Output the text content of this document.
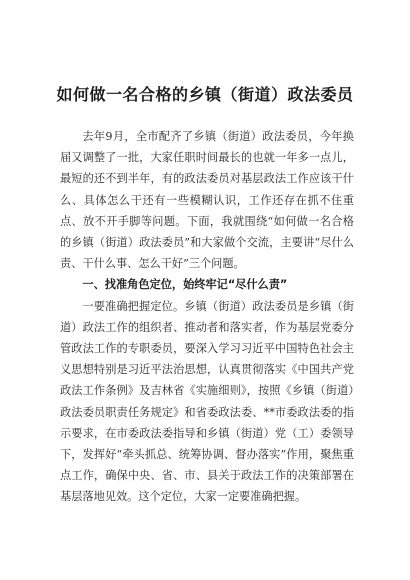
如何做一名合格的乡镇（街道）政法委员

去年9月，全市配齐了乡镇（街道）政法委员，今年换届又调整了一批，大家任职时间最长的也就一年多一点儿，最短的还不到半年，有的政法委员对基层政法工作应该干什么、具体怎么干还有一些模糊认识，工作还存在抓不住重点、放不开手脚等问题。下面，我就围绕“如何做一名合格的乡镇（街道）政法委员”和大家做个交流，主要讲“尽什么责、干什么事、怎么干好”三个问题。

一、找准角色定位，始终牢记“尽什么责”

一要准确把握定位。乡镇（街道）政法委员是乡镇（街道）政法工作的组织者、推动者和落实者，作为基层党委分管政法工作的专职委员，要深入学习习近平中国特色社会主义思想特别是习近平法治思想，认真贯彻落实《中国共产党政法工作条例》及吉林省《实施细则》，按照《乡镇（街道）政法委员职责任务规定》和省委政法委、**市委政法委的指示要求，在市委政法委指导和乡镇（街道）党（工）委领导下，发挥好“牵头抓总、统筹协调、督办落实”作用，聚焦重点工作，确保中央、省、市、县关于政法工作的决策部署在基层落地见效。这个定位，大家一定要准确把握。
